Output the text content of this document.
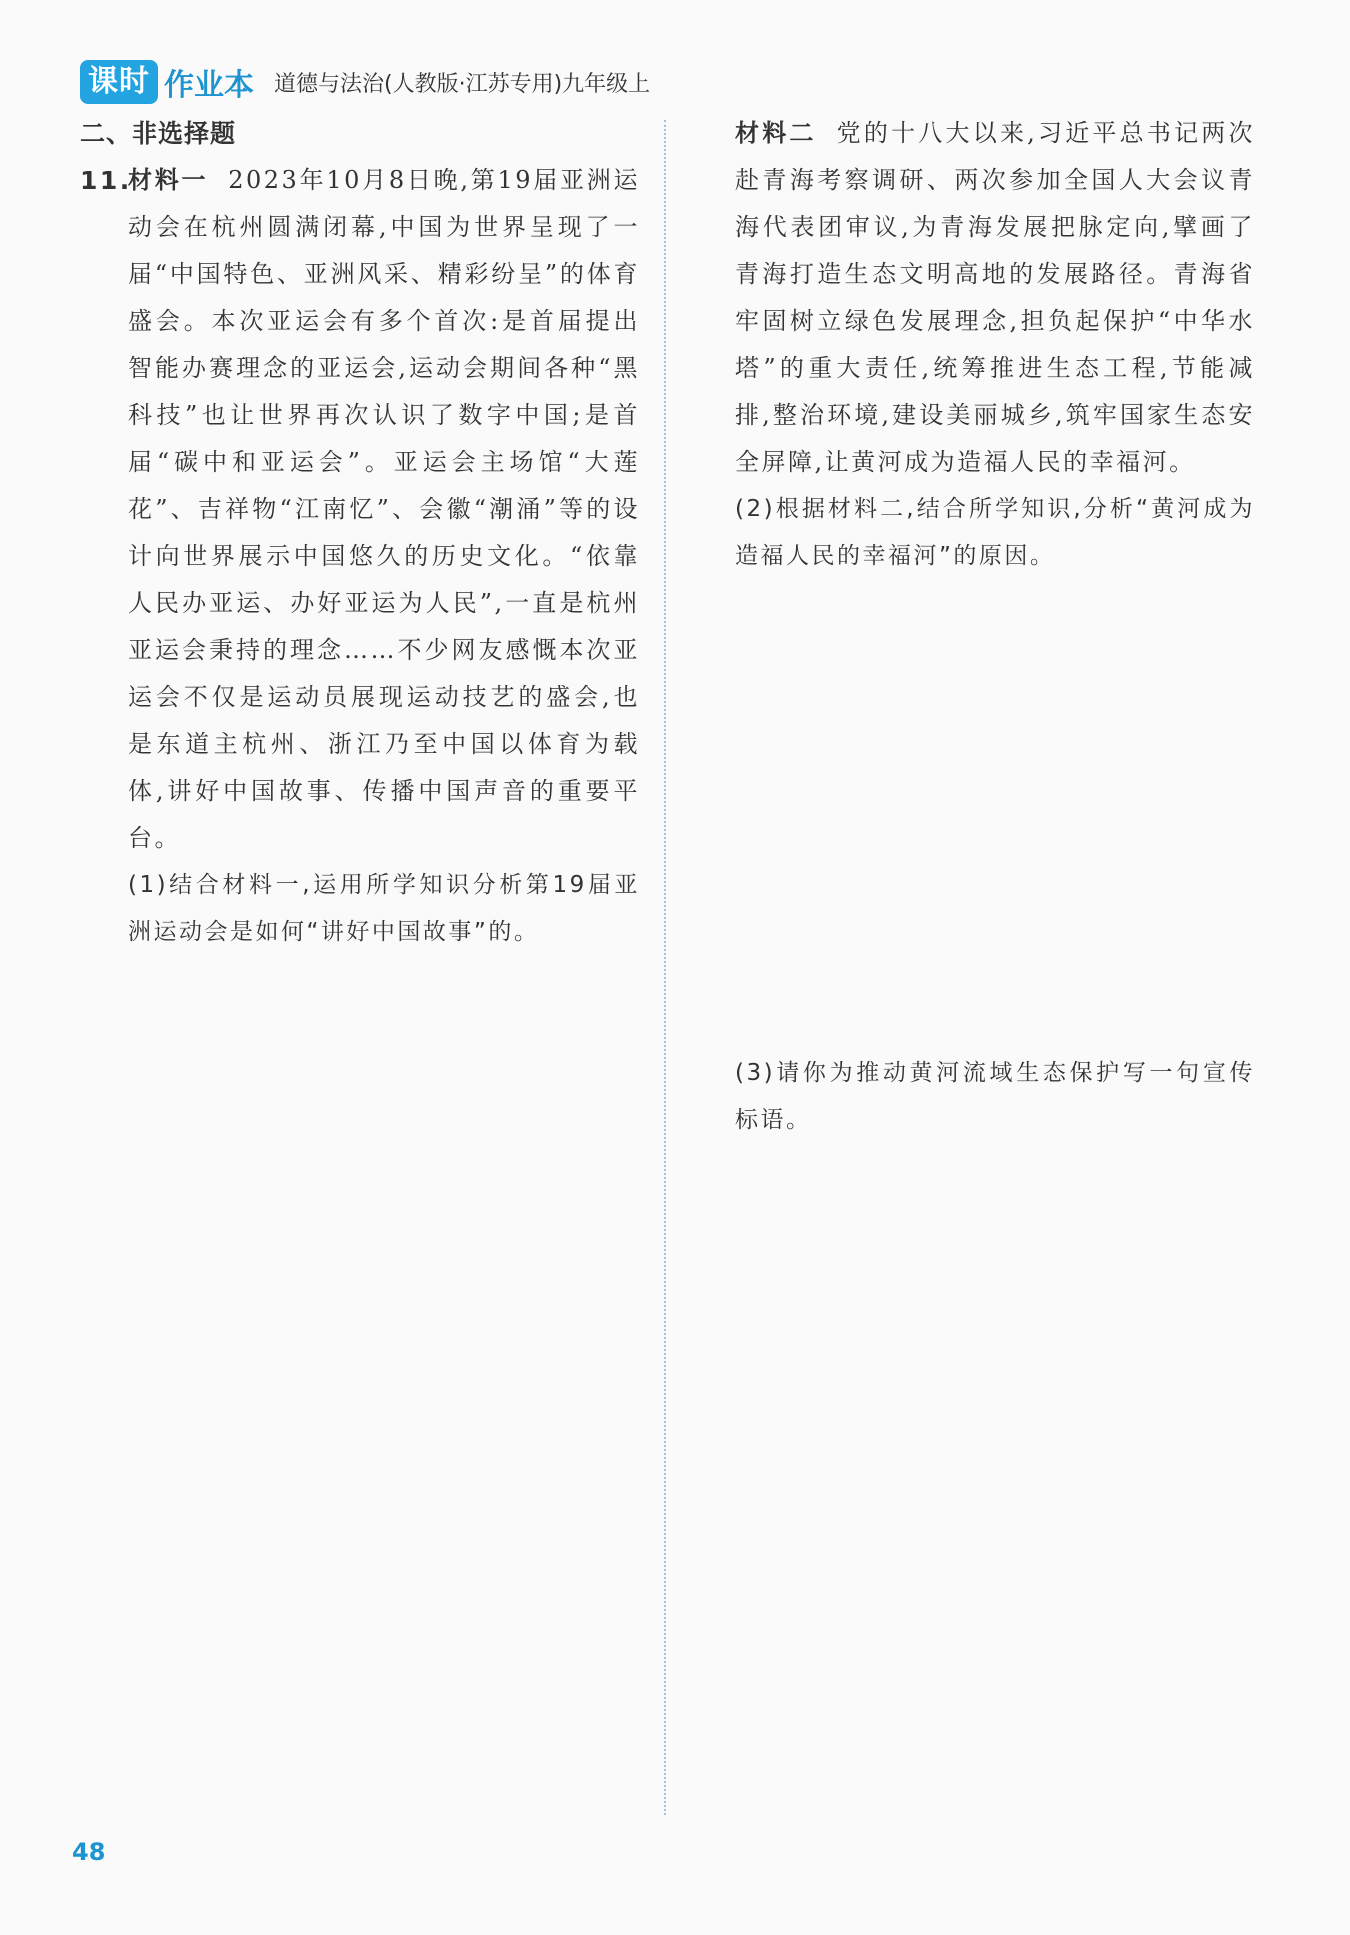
课时 作业本 道德与法治(人教版·江苏专用)九年级上
二、非选择题
11.

材料一 2023年10月8日晚,第19届亚洲运动会在杭州圆满闭幕,中国为世界呈现了一届“中国特色、亚洲风采、精彩纷呈”的体育盛会。本次亚运会有多个首次:是首届提出智能办赛理念的亚运会,运动会期间各种“黑科技”也让世界再次认识了数字中国;是首届“碳中和亚运会”。亚运会主场馆“大莲花”、吉祥物“江南忆”、会徽“潮涌”等的设计向世界展示中国悠久的历史文化。“依靠人民办亚运、办好亚运为人民”,一直是杭州亚运会秉持的理念……不少网友感慨本次亚运会不仅是运动员展现运动技艺的盛会,也是东道主杭州、浙江乃至中国以体育为载体,讲好中国故事、传播中国声音的重要平台。

(1)结合材料一,运用所学知识分析第19届亚洲运动会是如何“讲好中国故事”的。

材料二 党的十八大以来,习近平总书记两次赴青海考察调研、两次参加全国人大会议青海代表团审议,为青海发展把脉定向,擘画了青海打造生态文明高地的发展路径。青海省牢固树立绿色发展理念,担负起保护“中华水塔”的重大责任,统筹推进生态工程,节能减排,整治环境,建设美丽城乡,筑牢国家生态安全屏障,让黄河成为造福人民的幸福河。

(2)根据材料二,结合所学知识,分析“黄河成为造福人民的幸福河”的原因。

(3)请你为推动黄河流域生态保护写一句宣传标语。

48
